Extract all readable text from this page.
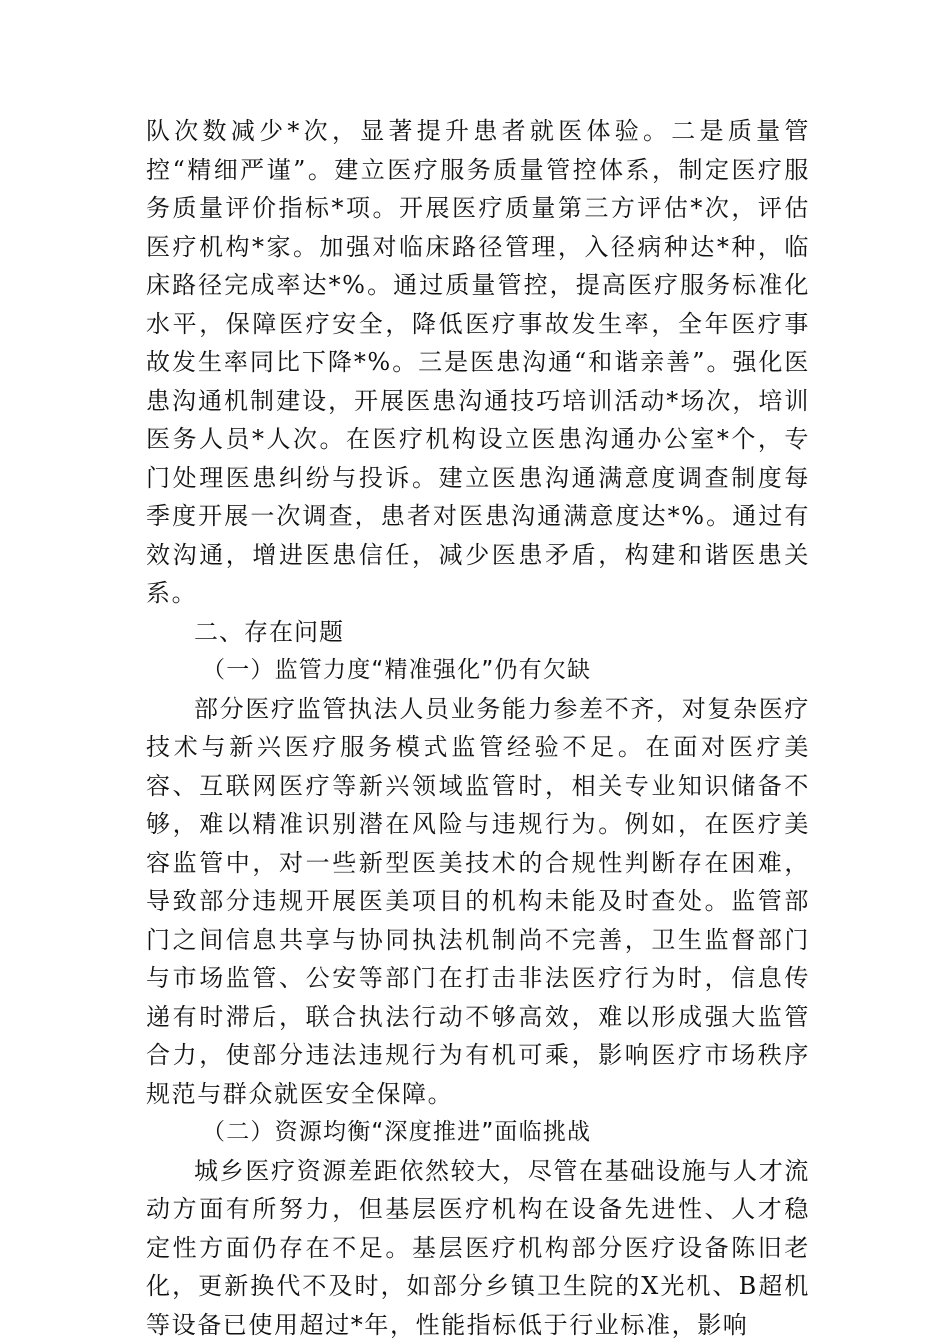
队次数减少*次，显著提升患者就医体验。二是质量管控“精细严谨”。建立医疗服务质量管控体系，制定医疗服务质量评价指标*项。开展医疗质量第三方评估*次，评估医疗机构*家。加强对临床路径管理，入径病种达*种，临床路径完成率达*%。通过质量管控，提高医疗服务标准化水平，保障医疗安全，降低医疗事故发生率，全年医疗事故发生率同比下降*%。三是医患沟通“和谐亲善”。强化医患沟通机制建设，开展医患沟通技巧培训活动*场次，培训医务人员*人次。在医疗机构设立医患沟通办公室*个，专门处理医患纠纷与投诉。建立医患沟通满意度调查制度每季度开展一次调查，患者对医患沟通满意度达*%。通过有效沟通，增进医患信任，减少医患矛盾，构建和谐医患关系。

二、存在问题

（一）监管力度“精准强化”仍有欠缺

部分医疗监管执法人员业务能力参差不齐，对复杂医疗技术与新兴医疗服务模式监管经验不足。在面对医疗美容、互联网医疗等新兴领域监管时，相关专业知识储备不够，难以精准识别潜在风险与违规行为。例如，在医疗美容监管中，对一些新型医美技术的合规性判断存在困难，导致部分违规开展医美项目的机构未能及时查处。监管部门之间信息共享与协同执法机制尚不完善，卫生监督部门与市场监管、公安等部门在打击非法医疗行为时，信息传递有时滞后，联合执法行动不够高效，难以形成强大监管合力，使部分违法违规行为有机可乘，影响医疗市场秩序规范与群众就医安全保障。

（二）资源均衡“深度推进”面临挑战

城乡医疗资源差距依然较大，尽管在基础设施与人才流动方面有所努力，但基层医疗机构在设备先进性、人才稳定性方面仍存在不足。基层医疗机构部分医疗设备陈旧老化，更新换代不及时，如部分乡镇卫生院的X光机、B超机等设备已使用超过*年，性能指标低于行业标准，影响
